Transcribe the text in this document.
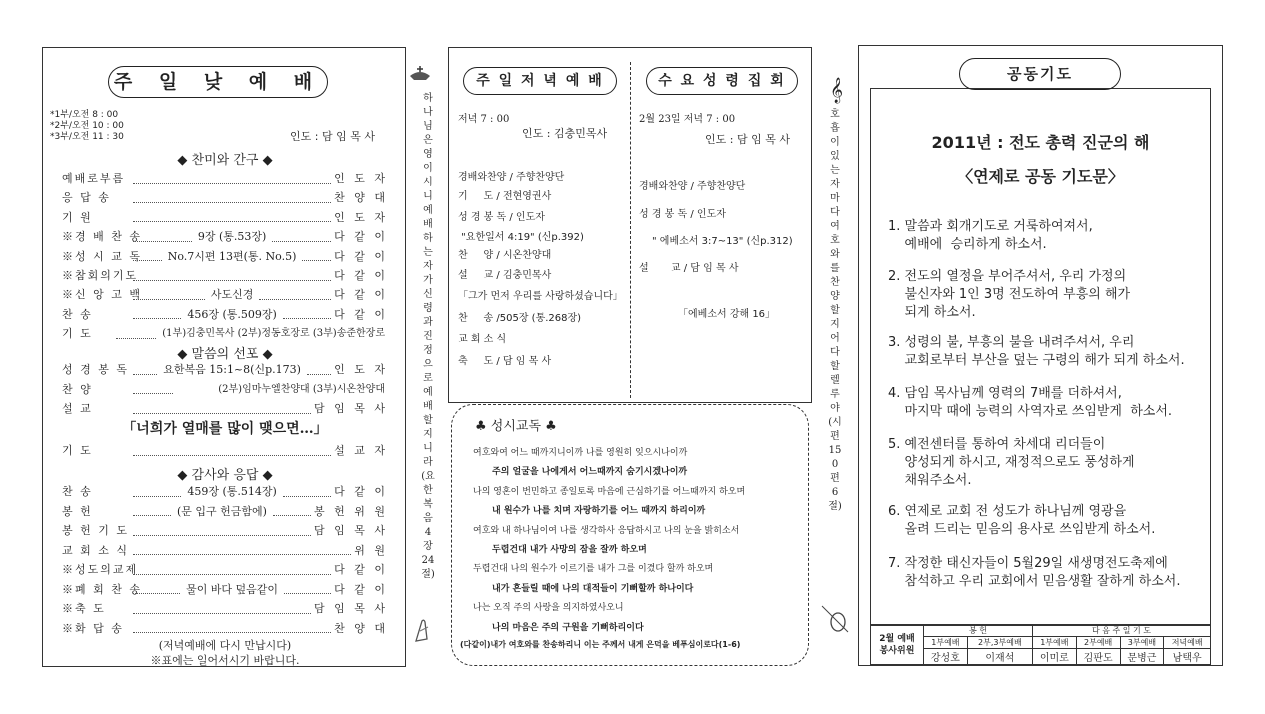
주 일 낮 예 배
*1부/오전 8 : 00
*2부/오전 10 : 00
*3부/오전 11 : 30	인도 : 담 임 목 사
◆ 찬미와 간구 ◆
예배로부름	인 도 자
응 답 송	찬 양 대
기 원	인 도 자
※경 배 찬 송	9장 (통.53장)	다 같 이
※성 시 교 독 No.7시편 13편(통. No.5)	다 같 이
※참회의기도	다 같 이
※신 앙 고 백	사도신경	다 같 이
찬 송	456장 (통.509장)	다 같 이
기 도	(1부)김충민목사 (2부)정동호장로 (3부)송준한장로
◆ 말씀의 선포 ◆
성 경 봉 독	요한복음 15:1~8(신p.173)	인 도 자
찬 양	(2부)임마누엘찬양대 (3부)시온찬양대
설 교	담 임 목 사
「너희가 열매를 많이 맺으면…」
기 도	설 교 자
◆ 감사와 응답 ◆
찬 송	459장 (통.514장)	다 같 이
봉 헌	(문 입구 헌금함에)	봉 헌 위 원
봉 헌 기 도	담 임 목 사
교 회 소 식	위 원
※성도의교제	다 같 이
※폐 회 찬 송	물이 바다 덮음같이	다 같 이
※축 도	담 임 목 사
※화 답 송	찬 양 대
(저녁예배에 다시 만납시다)
※표에는 일어서시기 바랍니다.
하나님은 영이시니 예배하는 자가 신령과 진정으로 예배할지니라 (요한복음 4장 24절)
주 일 저 녁 예 배	수 요 성 령 집 회
저녁 7 : 00
인도 : 김충민목사
경배와찬양 / 주향찬양단
기     도 / 전현영권사
성 경 봉 독 / 인도자
"요한일서 4:19" (신p.392)
찬     양 / 시온찬양대
설     교 / 김충민목사
「그가 먼저 우리를 사랑하셨습니다」
찬     송 /505장 (통.268장)
교 회 소 식
축     도 / 담 임 목 사
2월 23일 저녁 7 : 00
인도 : 담 임 목 사
경배와찬양 / 주향찬양단
성 경 봉 독 / 인도자
" 에베소서 3:7~13" (신p.312)
설       교 / 담 임 목 사
「에베소서 강해 16」
♣ 성시교독 ♣
여호와여 어느 때까지니이까 나를 영원히 잊으시나이까
주의 얼굴을 나에게서 어느때까지 숨기시겠나이까
나의 영혼이 번민하고 종일토록 마음에 근심하기를 어느때까지 하오며
내 원수가 나를 치며 자랑하기를 어느 때까지 하리이까
여호와 내 하나님이여 나를 생각하사 응답하시고 나의 눈을 밝히소서
두렵건대 내가 사망의 잠을 잘까 하오며
두렵건대 나의 원수가 이르기를 내가 그를 이겼다 할까 하오며
내가 흔들릴 때에 나의 대적들이 기뻐할까 하나이다
나는 오직 주의 사랑을 의지하였사오니
나의 마음은 주의 구원을 기뻐하리이다
(다같이)내가 여호와를 찬송하리니 이는 주께서 내게 은덕을 베푸심이로다(1-6)
𝄞
호흡이 있는 자마다 여호와를 찬양할지어다 할렐루야 (시편 150편 6절)
공동기도
2011년 : 전도 총력 진군의 해
〈연제로 공동 기도문〉
1. 말씀과 회개기도로 거룩하여져서,
예배에  승리하게 하소서.
2. 전도의 열정을 부어주셔서, 우리 가정의
불신자와 1인 3명 전도하여 부흥의 해가
되게 하소서.
3. 성령의 불, 부흥의 불을 내려주셔서, 우리
교회로부터 부산을 덮는 구령의 해가 되게 하소서.
4. 담임 목사님께 영력의 7배를 더하셔서,
마지막 때에 능력의 사역자로 쓰임받게  하소서.
5. 예전센터를 통하여 차세대 리더들이
양성되게 하시고, 재정적으로도 풍성하게
채워주소서.
6. 연제로 교회 전 성도가 하나님께 영광을
올려 드리는 믿음의 용사로 쓰임받게 하소서.
7. 작정한 태신자들이 5월29일 새생명전도축제에
참석하고 우리 교회에서 믿음생활 잘하게 하소서.
2월 예배
봉사위원	봉 헌		다 음 주 일 기 도			
	1부예배	2부,3부예배	1부예배	2부예배	3부예배	저녁예배
	강성호	이재석	이미로	김판도	문병근	남택우
